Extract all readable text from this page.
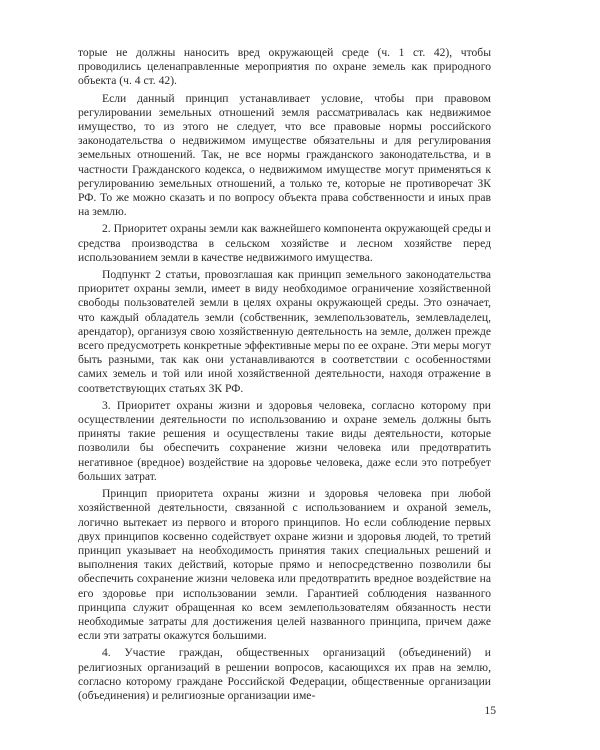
торые не должны наносить вред окружающей среде (ч. 1 ст. 42), чтобы проводились целенаправленные мероприятия по охране земель как природного объекта (ч. 4 ст. 42).

Если данный принцип устанавливает условие, чтобы при правовом регулировании земельных отношений земля рассматривалась как недвижимое имущество, то из этого не следует, что все правовые нормы российского законодательства о недвижимом имуществе обязательны и для регулирования земельных отношений. Так, не все нормы гражданского законодательства, и в частности Гражданского кодекса, о недвижимом имуществе могут применяться к регулированию земельных отношений, а только те, которые не противоречат ЗК РФ. То же можно сказать и по вопросу объекта права собственности и иных прав на землю.

2. Приоритет охраны земли как важнейшего компонента окружающей среды и средства производства в сельском хозяйстве и лесном хозяйстве перед использованием земли в качестве недвижимого имущества.

Подпункт 2 статьи, провозглашая как принцип земельного законодательства приоритет охраны земли, имеет в виду необходимое ограничение хозяйственной свободы пользователей земли в целях охраны окружающей среды. Это означает, что каждый обладатель земли (собственник, землепользователь, землевладелец, арендатор), организуя свою хозяйственную деятельность на земле, должен прежде всего предусмотреть конкретные эффективные меры по ее охране. Эти меры могут быть разными, так как они устанавливаются в соответствии с особенностями самих земель и той или иной хозяйственной деятельности, находя отражение в соответствующих статьях ЗК РФ.

3. Приоритет охраны жизни и здоровья человека, согласно которому при осуществлении деятельности по использованию и охране земель должны быть приняты такие решения и осуществлены такие виды деятельности, которые позволили бы обеспечить сохранение жизни человека или предотвратить негативное (вредное) воздействие на здоровье человека, даже если это потребует больших затрат.

Принцип приоритета охраны жизни и здоровья человека при любой хозяйственной деятельности, связанной с использованием и охраной земель, логично вытекает из первого и второго принципов. Но если соблюдение первых двух принципов косвенно содействует охране жизни и здоровья людей, то третий принцип указывает на необходимость принятия таких специальных решений и выполнения таких действий, которые прямо и непосредственно позволили бы обеспечить сохранение жизни человека или предотвратить вредное воздействие на его здоровье при использовании земли. Гарантией соблюдения названного принципа служит обращенная ко всем землепользователям обязанность нести необходимые затраты для достижения целей названного принципа, причем даже если эти затраты окажутся большими.

4. Участие граждан, общественных организаций (объединений) и религиозных организаций в решении вопросов, касающихся их прав на землю, согласно которому граждане Российской Федерации, общественные организации (объединения) и религиозные организации име-

15
